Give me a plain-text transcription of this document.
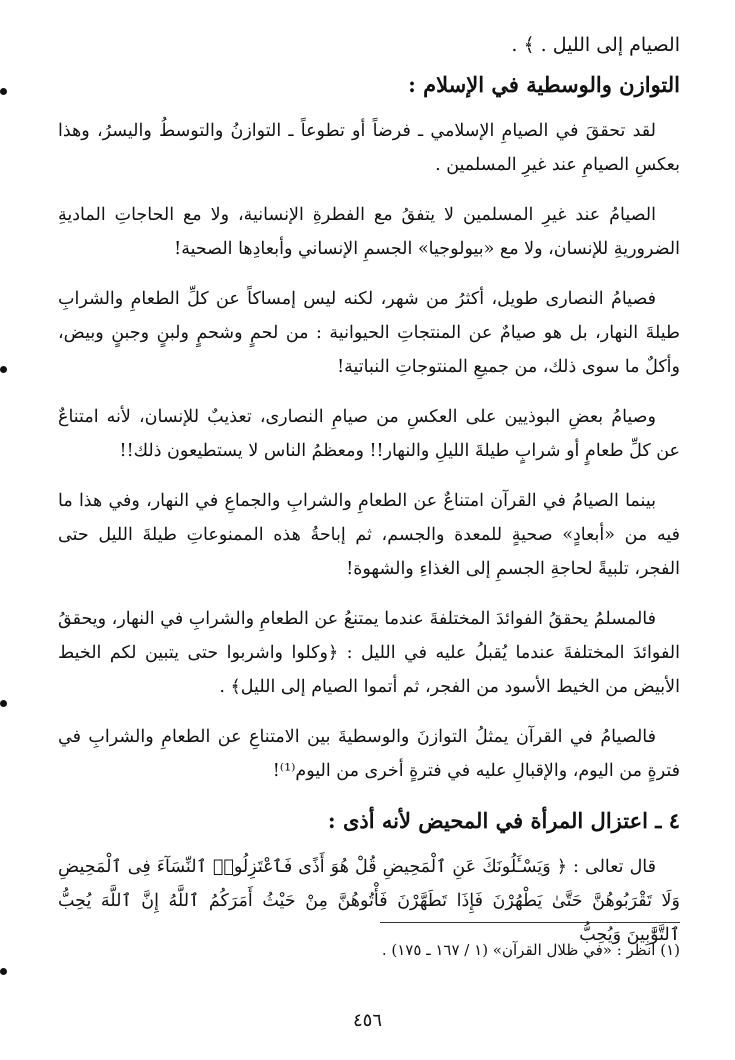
الصيام إلى الليل . ﴾ .

التوازن والوسطية في الإسلام :

لقد تحققَ في الصيامِ الإسلامي ـ فرضاً أو تطوعاً ـ التوازنُ والتوسطُ واليسرُ، وهذا بعكسِ الصيامِ عند غيرِ المسلمين .

الصيامُ عند غيرِ المسلمين لا يتفقُ مع الفطرةِ الإنسانية، ولا مع الحاجاتِ الماديةِ الضروريةِ للإنسان، ولا مع «بيولوجيا» الجسمِ الإنساني وأبعادِها الصحية!

فصيامُ النصارى طويل، أكثرُ من شهر، لكنه ليس إمساكاً عن كلِّ الطعامِ والشرابِ طيلةَ النهار، بل هو صيامٌ عن المنتجاتِ الحيوانية : من لحمٍ وشحمٍ ولبنٍ وجبنٍ وبيض، وأكلٌ ما سوى ذلك، من جميعِ المنتوجاتِ النباتية!

وصيامُ بعضِ البوذيين على العكسِ من صيامِ النصارى، تعذيبٌ للإنسان، لأنه امتناعٌ عن كلِّ طعامٍ أو شرابٍ طيلةَ الليلِ والنهار!! ومعظمُ الناس لا يستطيعون ذلك!!

بينما الصيامُ في القرآن امتناعٌ عن الطعامِ والشرابِ والجماعِ في النهار، وفي هذا ما فيه من «أبعادٍ» صحيةٍ للمعدة والجسم، ثم إباحةُ هذه الممنوعاتِ طيلةَ الليل حتى الفجر، تلبيةً لحاجةِ الجسمِ إلى الغذاءِ والشهوة!

فالمسلمُ يحققُ الفوائدَ المختلفةَ عندما يمتنعُ عن الطعامِ والشرابِ في النهار، ويحققُ الفوائدَ المختلفةَ عندما يُقبلُ عليه في الليل : ﴿وكلوا واشربوا حتى يتبين لكم الخيط الأبيض من الخيط الأسود من الفجر، ثم أتموا الصيام إلى الليل﴾ .

فالصيامُ في القرآن يمثلُ التوازنَ والوسطيةَ بين الامتناعِ عن الطعامِ والشرابِ في فترةٍ من اليوم، والإقبالِ عليه في فترةٍ أخرى من اليوم⁽¹⁾!

٤ ـ اعتزال المرأة في المحيض لأنه أذى :

قال تعالى : ﴿ وَيَسْـَٔلُونَكَ عَنِ ٱلْمَحِيضِ قُلْ هُوَ أَذًى فَٱعْتَزِلُوا۟ ٱلنِّسَآءَ فِى ٱلْمَحِيضِ وَلَا تَقْرَبُوهُنَّ حَتَّىٰ يَطْهُرْنَ فَإِذَا تَطَهَّرْنَ فَأْتُوهُنَّ مِنْ حَيْثُ أَمَرَكُمُ ٱللَّهُ إِنَّ ٱللَّهَ يُحِبُّ ٱلتَّوَّٰبِينَ وَيُحِبُّ

(١) انظر : «في ظلال القرآن» (١ / ١٦٧ ـ ١٧٥) .
٤٥٦
